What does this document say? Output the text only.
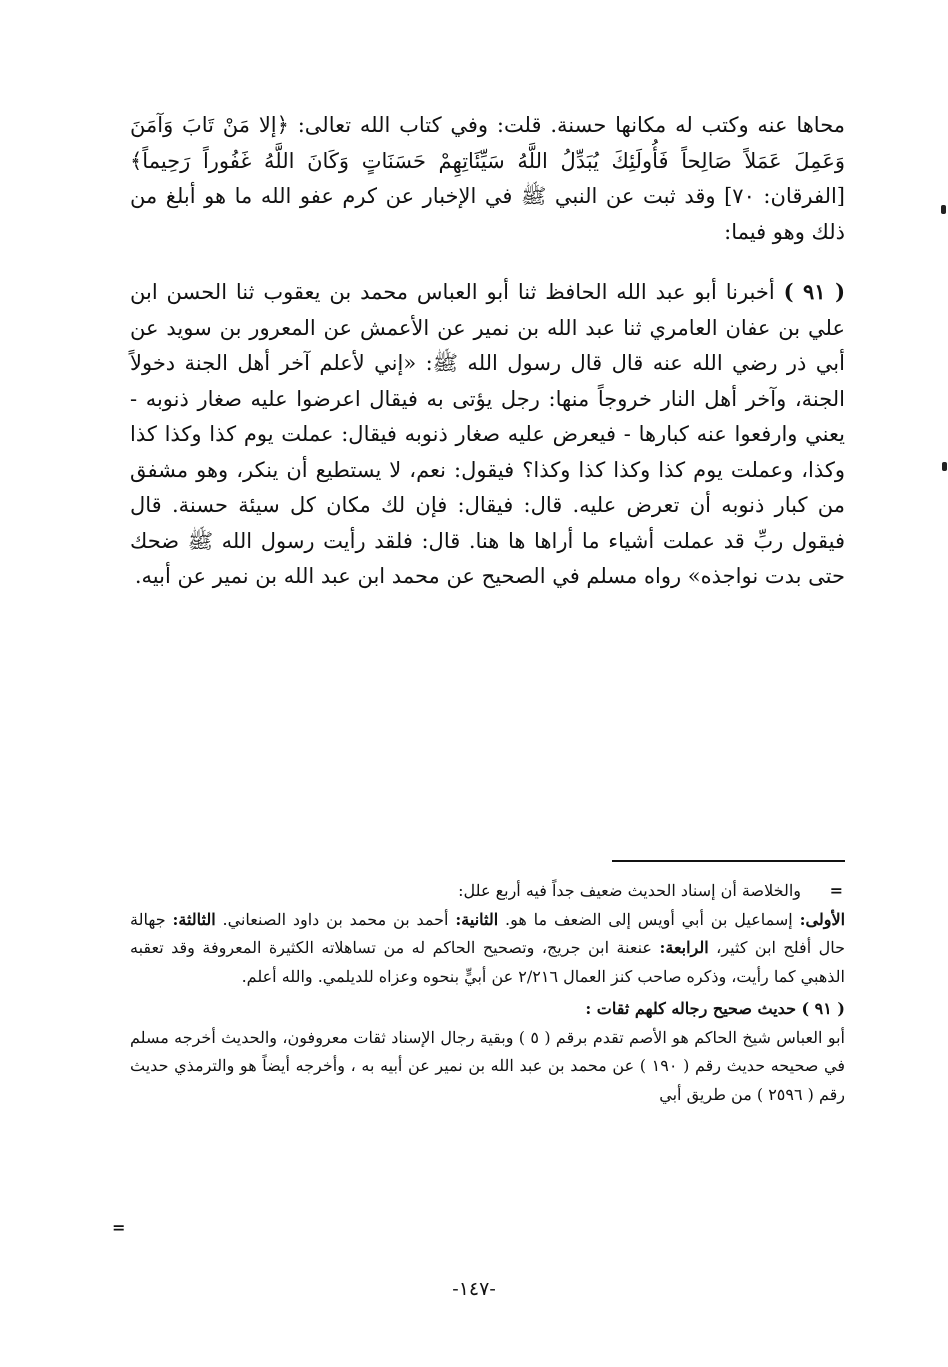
محاها عنه وكتب له مكانها حسنة. قلت: وفي كتاب الله تعالى: ﴿إلا مَنْ تَابَ وَآمَنَ وَعَمِلَ عَمَلاً صَالِحاً فَأُولَئِكَ يُبَدِّلُ اللَّهُ سَيِّئَاتِهِمْ حَسَنَاتٍ وَكَانَ اللَّهُ غَفُوراً رَحِيماً﴾ [الفرقان: ٧٠] وقد ثبت عن النبي ﷺ في الإخبار عن كرم عفو الله ما هو أبلغ من ذلك وهو فيما:

( ٩١ ) أخبرنا أبو عبد الله الحافظ ثنا أبو العباس محمد بن يعقوب ثنا الحسن ابن علي بن عفان العامري ثنا عبد الله بن نمير عن الأعمش عن المعرور بن سويد عن أبي ذر رضي الله عنه قال قال رسول الله ﷺ: «إني لأعلم آخر أهل الجنة دخولاً الجنة، وآخر أهل النار خروجاً منها: رجل يؤتى به فيقال اعرضوا عليه صغار ذنوبه - يعني وارفعوا عنه كبارها - فيعرض عليه صغار ذنوبه فيقال: عملت يوم كذا وكذا كذا وكذا، وعملت يوم كذا وكذا كذا وكذا؟ فيقول: نعم، لا يستطيع أن ينكر، وهو مشفق من كبار ذنوبه أن تعرض عليه. قال: فيقال: فإن لك مكان كل سيئة حسنة. قال فيقول ربِّ قد عملت أشياء ما أراها ها هنا. قال: فلقد رأيت رسول الله ﷺ ضحك حتى بدت نواجذه» رواه مسلم في الصحيح عن محمد ابن عبد الله بن نمير عن أبيه.

=
والخلاصة أن إسناد الحديث ضعيف جداً فيه أربع علل:

الأولى: إسماعيل بن أبي أويس إلى الضعف ما هو. الثانية: أحمد بن محمد بن داود الصنعاني. الثالثة: جهالة حال أفلح ابن كثير، الرابعة: عنعنة ابن جريج، وتصحيح الحاكم له من تساهلاته الكثيرة المعروفة وقد تعقبه الذهبي كما رأيت، وذكره صاحب كنز العمال ٢/٢١٦ عن أبيٍّ بنحوه وعزاه للديلمي. والله أعلم.

( ٩١ ) حديث صحيح رجاله كلهم ثقات :

أبو العباس شيخ الحاكم هو الأصم تقدم برقم ( ٥ ) وبقية رجال الإسناد ثقات معروفون، والحديث أخرجه مسلم في صحيحه حديث رقم ( ١٩٠ ) عن محمد بن عبد الله بن نمير عن أبيه به ، وأخرجه أيضاً هو والترمذي حديث رقم ( ٢٥٩٦ ) من طريق أبي

=
-١٤٧-
